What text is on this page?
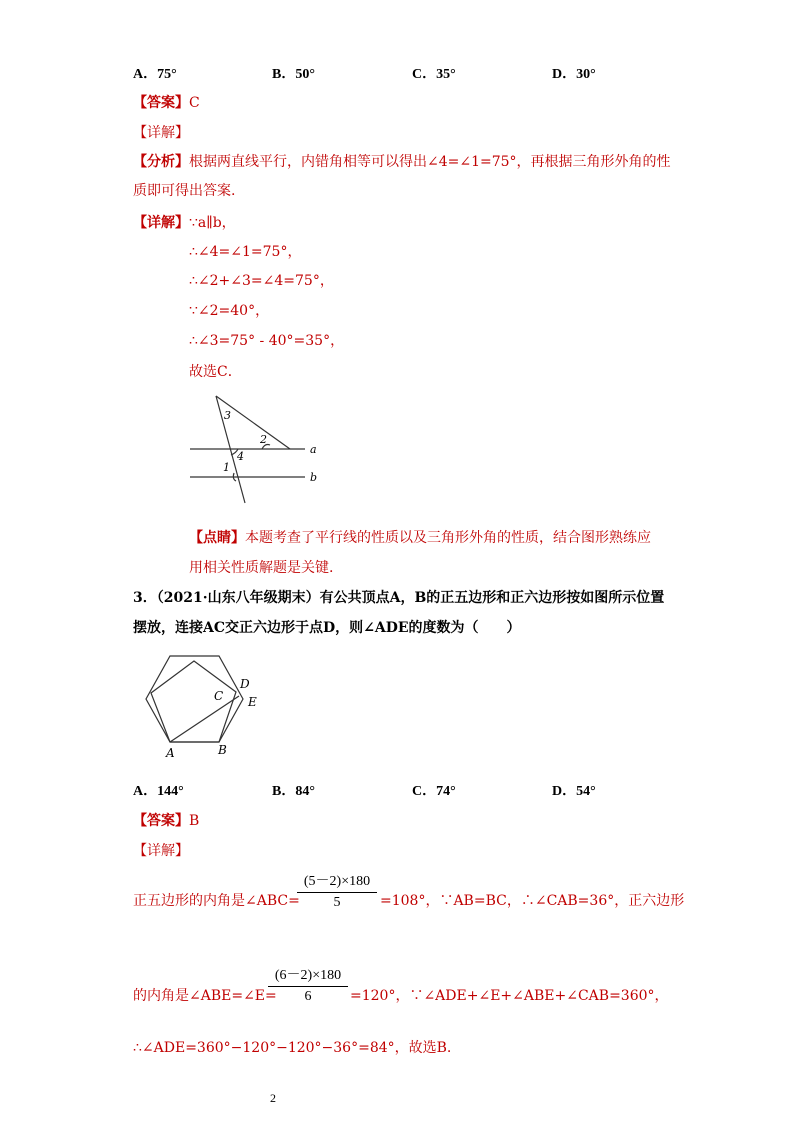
A．75°	B．50°	C．35°	D．30°
【答案】C
【详解】
【分析】根据两直线平行，内错角相等可以得出∠4=∠1=75°，再根据三角形外角的性
质即可得出答案.
【详解】∵a∥b，
∴∠4=∠1=75°，
∴∠2+∠3=∠4=75°，
∵∠2=40°，
∴∠3=75° - 40°=35°，
故选C．
3
2
4
1
a
b
【点睛】本题考查了平行线的性质以及三角形外角的性质，结合图形熟练应
用相关性质解题是关键.
3．（2021·山东八年级期末）有公共顶点A，B的正五边形和正六边形按如图所示位置
摆放，连接AC交正六边形于点D，则∠ADE的度数为（　　）
D
C E
A	B
A．144°	B．84°	C．74°	D．54°
【答案】B
【详解】
正五边形的内角是∠ABC=
(5－2)×180
5	=108°，∵AB=BC，∴∠CAB=36°，正六边形
的内角是∠ABE=∠E=
(6－2)×180
6	=120°，∵∠ADE+∠E+∠ABE+∠CAB=360°，
∴∠ADE=360°−120°−120°−36°=84°，故选B.
2
